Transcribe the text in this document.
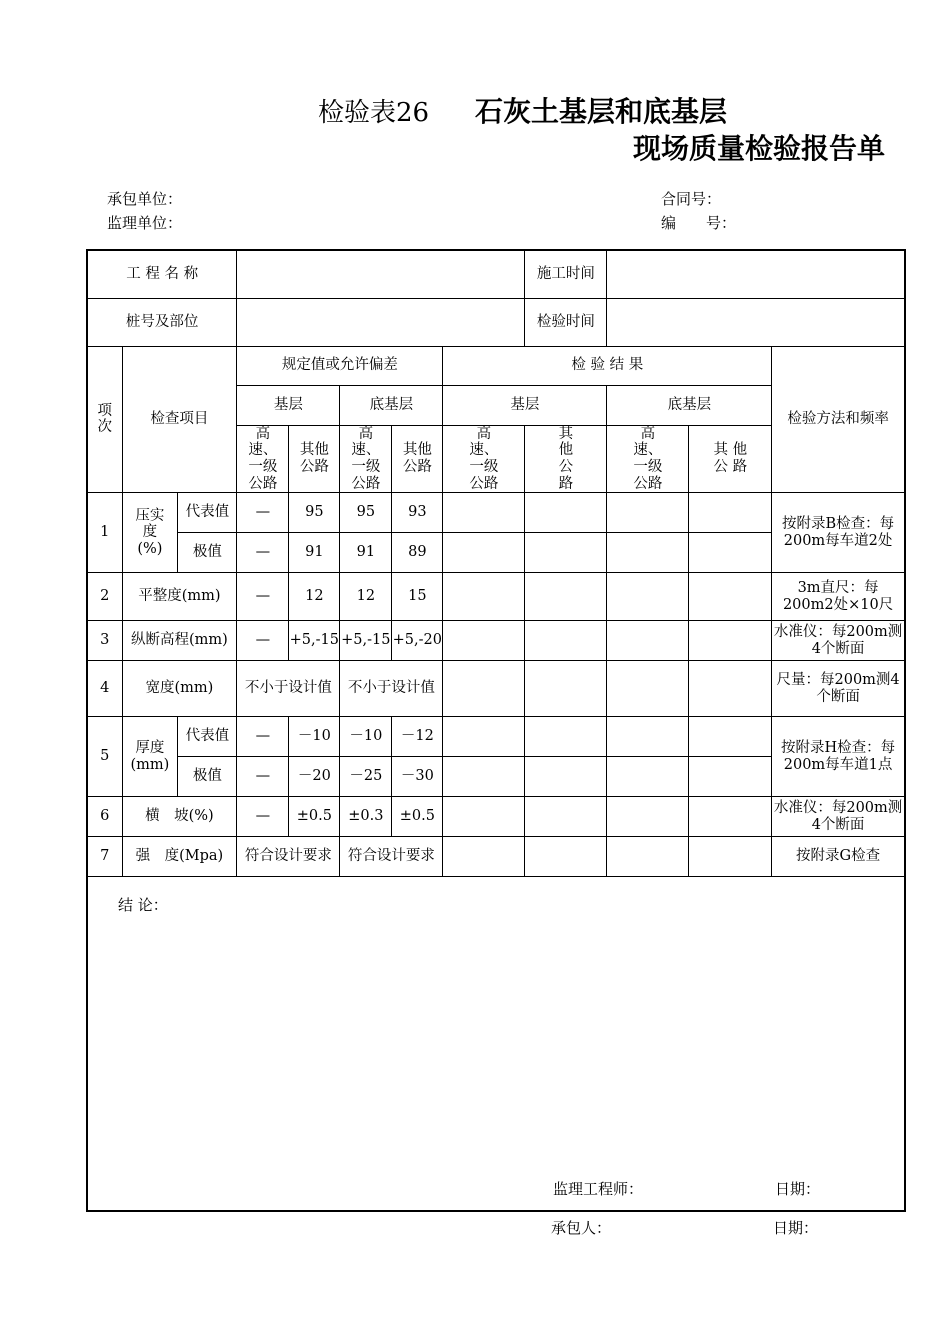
检验表26 石灰土基层和底基层
现场质量检验报告单
承包单位：	合同号：
监理单位：	编　　号：
工 程 名 称								施工时间			
桩号及部位								检验时间			
项次	检查项目		规定值或允许偏差				检 验 结 果				检验方法和频率
			基层		底基层		基层		底基层		
			高速、一级公路	其他公路	高速、一级公路	其他公路	高速、一级公路	其 他 公 路	高速、一级公路	其 他 公 路	
1	压实度(%)	代表值	—	95	95	93					按附录B检查：每200m每车道2处
		极值	—	91	91	89					
2	平整度(mm)		—	12	12	15					3m直尺：每200m2处×10尺
3	纵断高程(mm)		—	+5,-15	+5,-15	+5,-20					水准仪：每200m测4个断面
4	宽度(mm)		不小于设计值		不小于设计值						尺量：每200m测4个断面
5	厚度(mm)	代表值	—	－10	－10	－12					按附录H检查：每200m每车道1点
		极值	—	－20	－25	－30					
6	横　坡(%)		—	±0.5	±0.3	±0.5					水准仪：每200m测4个断面
7	强　度(Mpa)		符合设计要求		符合设计要求						按附录G检查

结 论：
监理工程师： 日期：											
承包人：	日期：
